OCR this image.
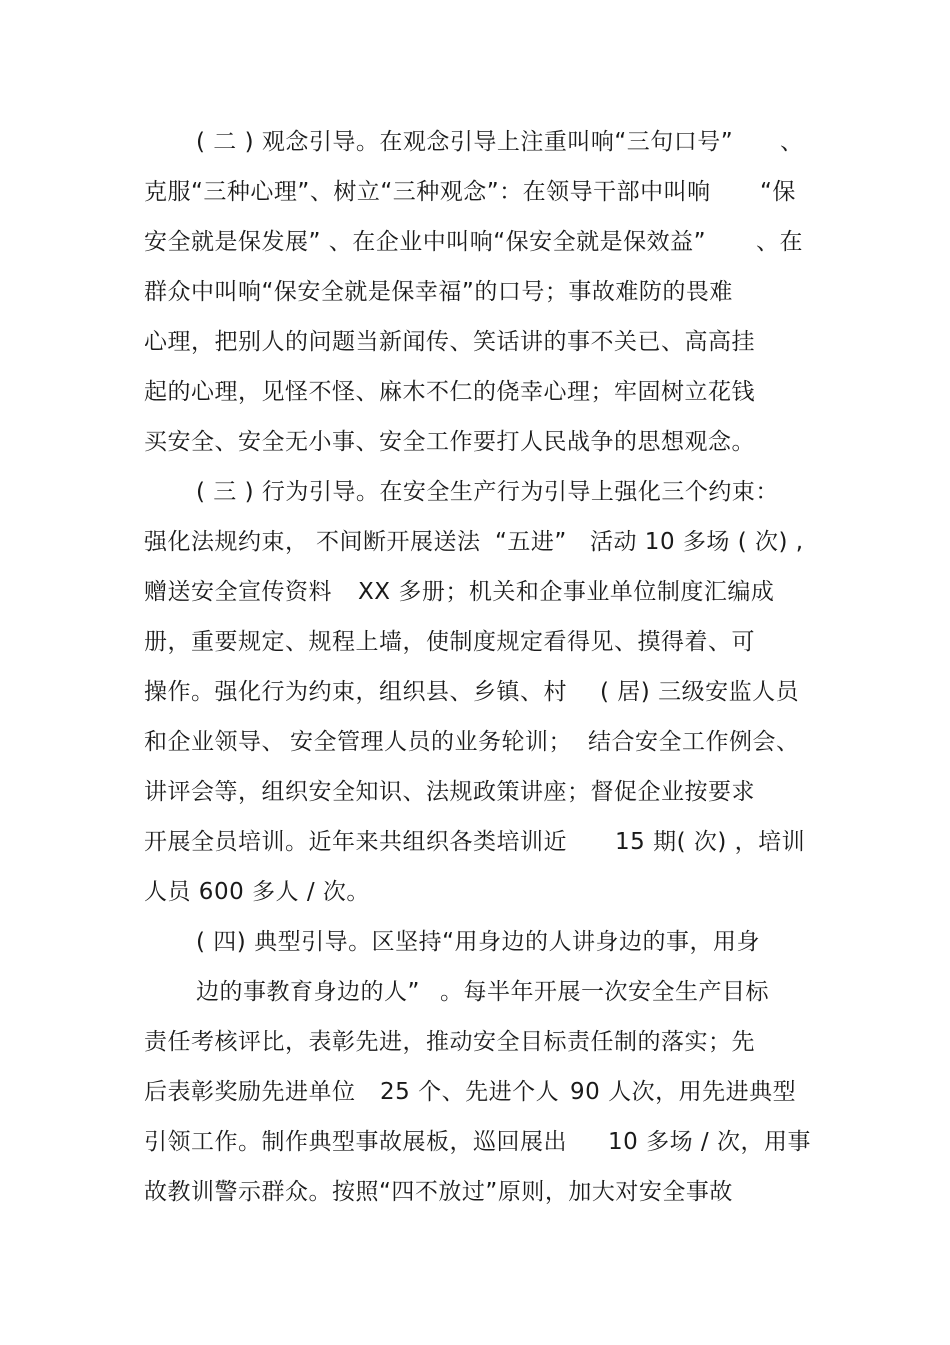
( 二 ) 观念引导。在观念引导上注重叫响“三句口号” 、
克服“三种心理”、树立“三种观念”：在领导干部中叫响 “保
安全就是保发展” 、在企业中叫响“保安全就是保效益” 、在
群众中叫响“保安全就是保幸福”的口号；事故难防的畏难
心理，把别人的问题当新闻传、笑话讲的事不关已、高高挂
起的心理，见怪不怪、麻木不仁的侥幸心理；牢固树立花钱
买安全、安全无小事、安全工作要打人民战争的思想观念。
( 三 ) 行为引导。在安全生产行为引导上强化三个约束：
强化法规约束， 不间断开展送法 “五进” 活动 10 多场 ( 次) ,
赠送安全宣传资料 XX 多册；机关和企事业单位制度汇编成
册，重要规定、规程上墙，使制度规定看得见、摸得着、可
操作。强化行为约束，组织县、乡镇、村 ( 居) 三级安监人员
和企业领导、 安全管理人员的业务轮训； 结合安全工作例会、
讲评会等，组织安全知识、法规政策讲座；督促企业按要求
开展全员培训。近年来共组织各类培训近 15 期( 次) ，培训
人员 600 多人 / 次。
( 四) 典型引导。区坚持“用身边的人讲身边的事，用身
边的事教育身边的人” 。每半年开展一次安全生产目标
责任考核评比，表彰先进，推动安全目标责任制的落实；先
后表彰奖励先进单位 25 个、先进个人 90 人次，用先进典型
引领工作。制作典型事故展板，巡回展出 10 多场 / 次，用事
故教训警示群众。按照“四不放过”原则，加大对安全事故
